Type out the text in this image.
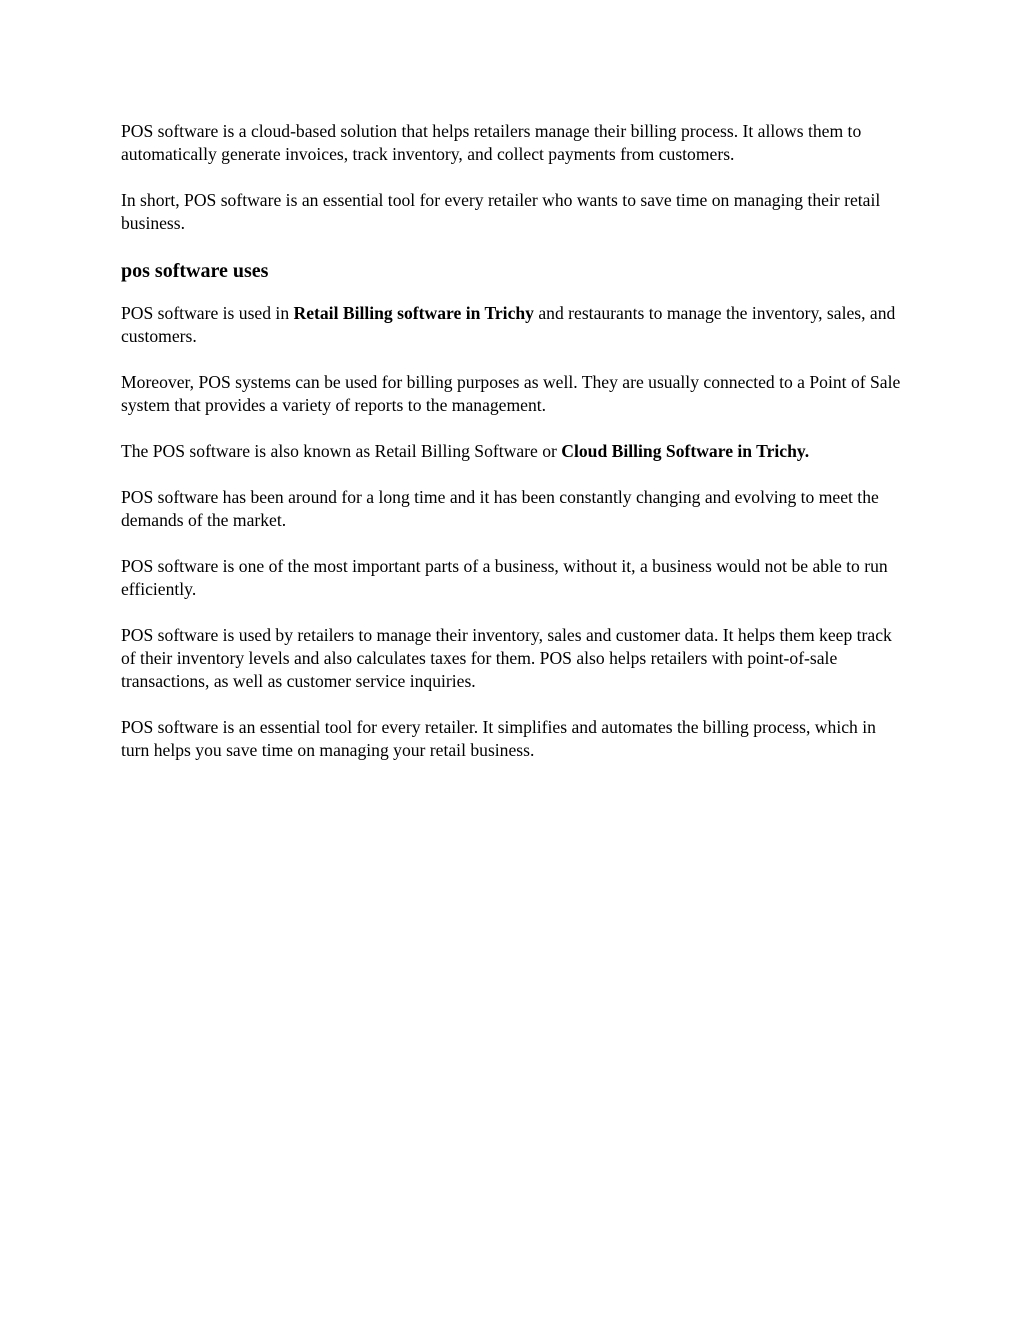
POS software is a cloud-based solution that helps retailers manage their billing process. It allows them to automatically generate invoices, track inventory, and collect payments from customers.

In short, POS software is an essential tool for every retailer who wants to save time on managing their retail business.

pos software uses

POS software is used in Retail Billing software in Trichy and restaurants to manage the inventory, sales, and customers.

Moreover, POS systems can be used for billing purposes as well. They are usually connected to a Point of Sale system that provides a variety of reports to the management.

The POS software is also known as Retail Billing Software or Cloud Billing Software in Trichy.

POS software has been around for a long time and it has been constantly changing and evolving to meet the demands of the market.

POS software is one of the most important parts of a business, without it, a business would not be able to run efficiently.

POS software is used by retailers to manage their inventory, sales and customer data. It helps them keep track of their inventory levels and also calculates taxes for them. POS also helps retailers with point-of-sale transactions, as well as customer service inquiries.

POS software is an essential tool for every retailer. It simplifies and automates the billing process, which in turn helps you save time on managing your retail business.
